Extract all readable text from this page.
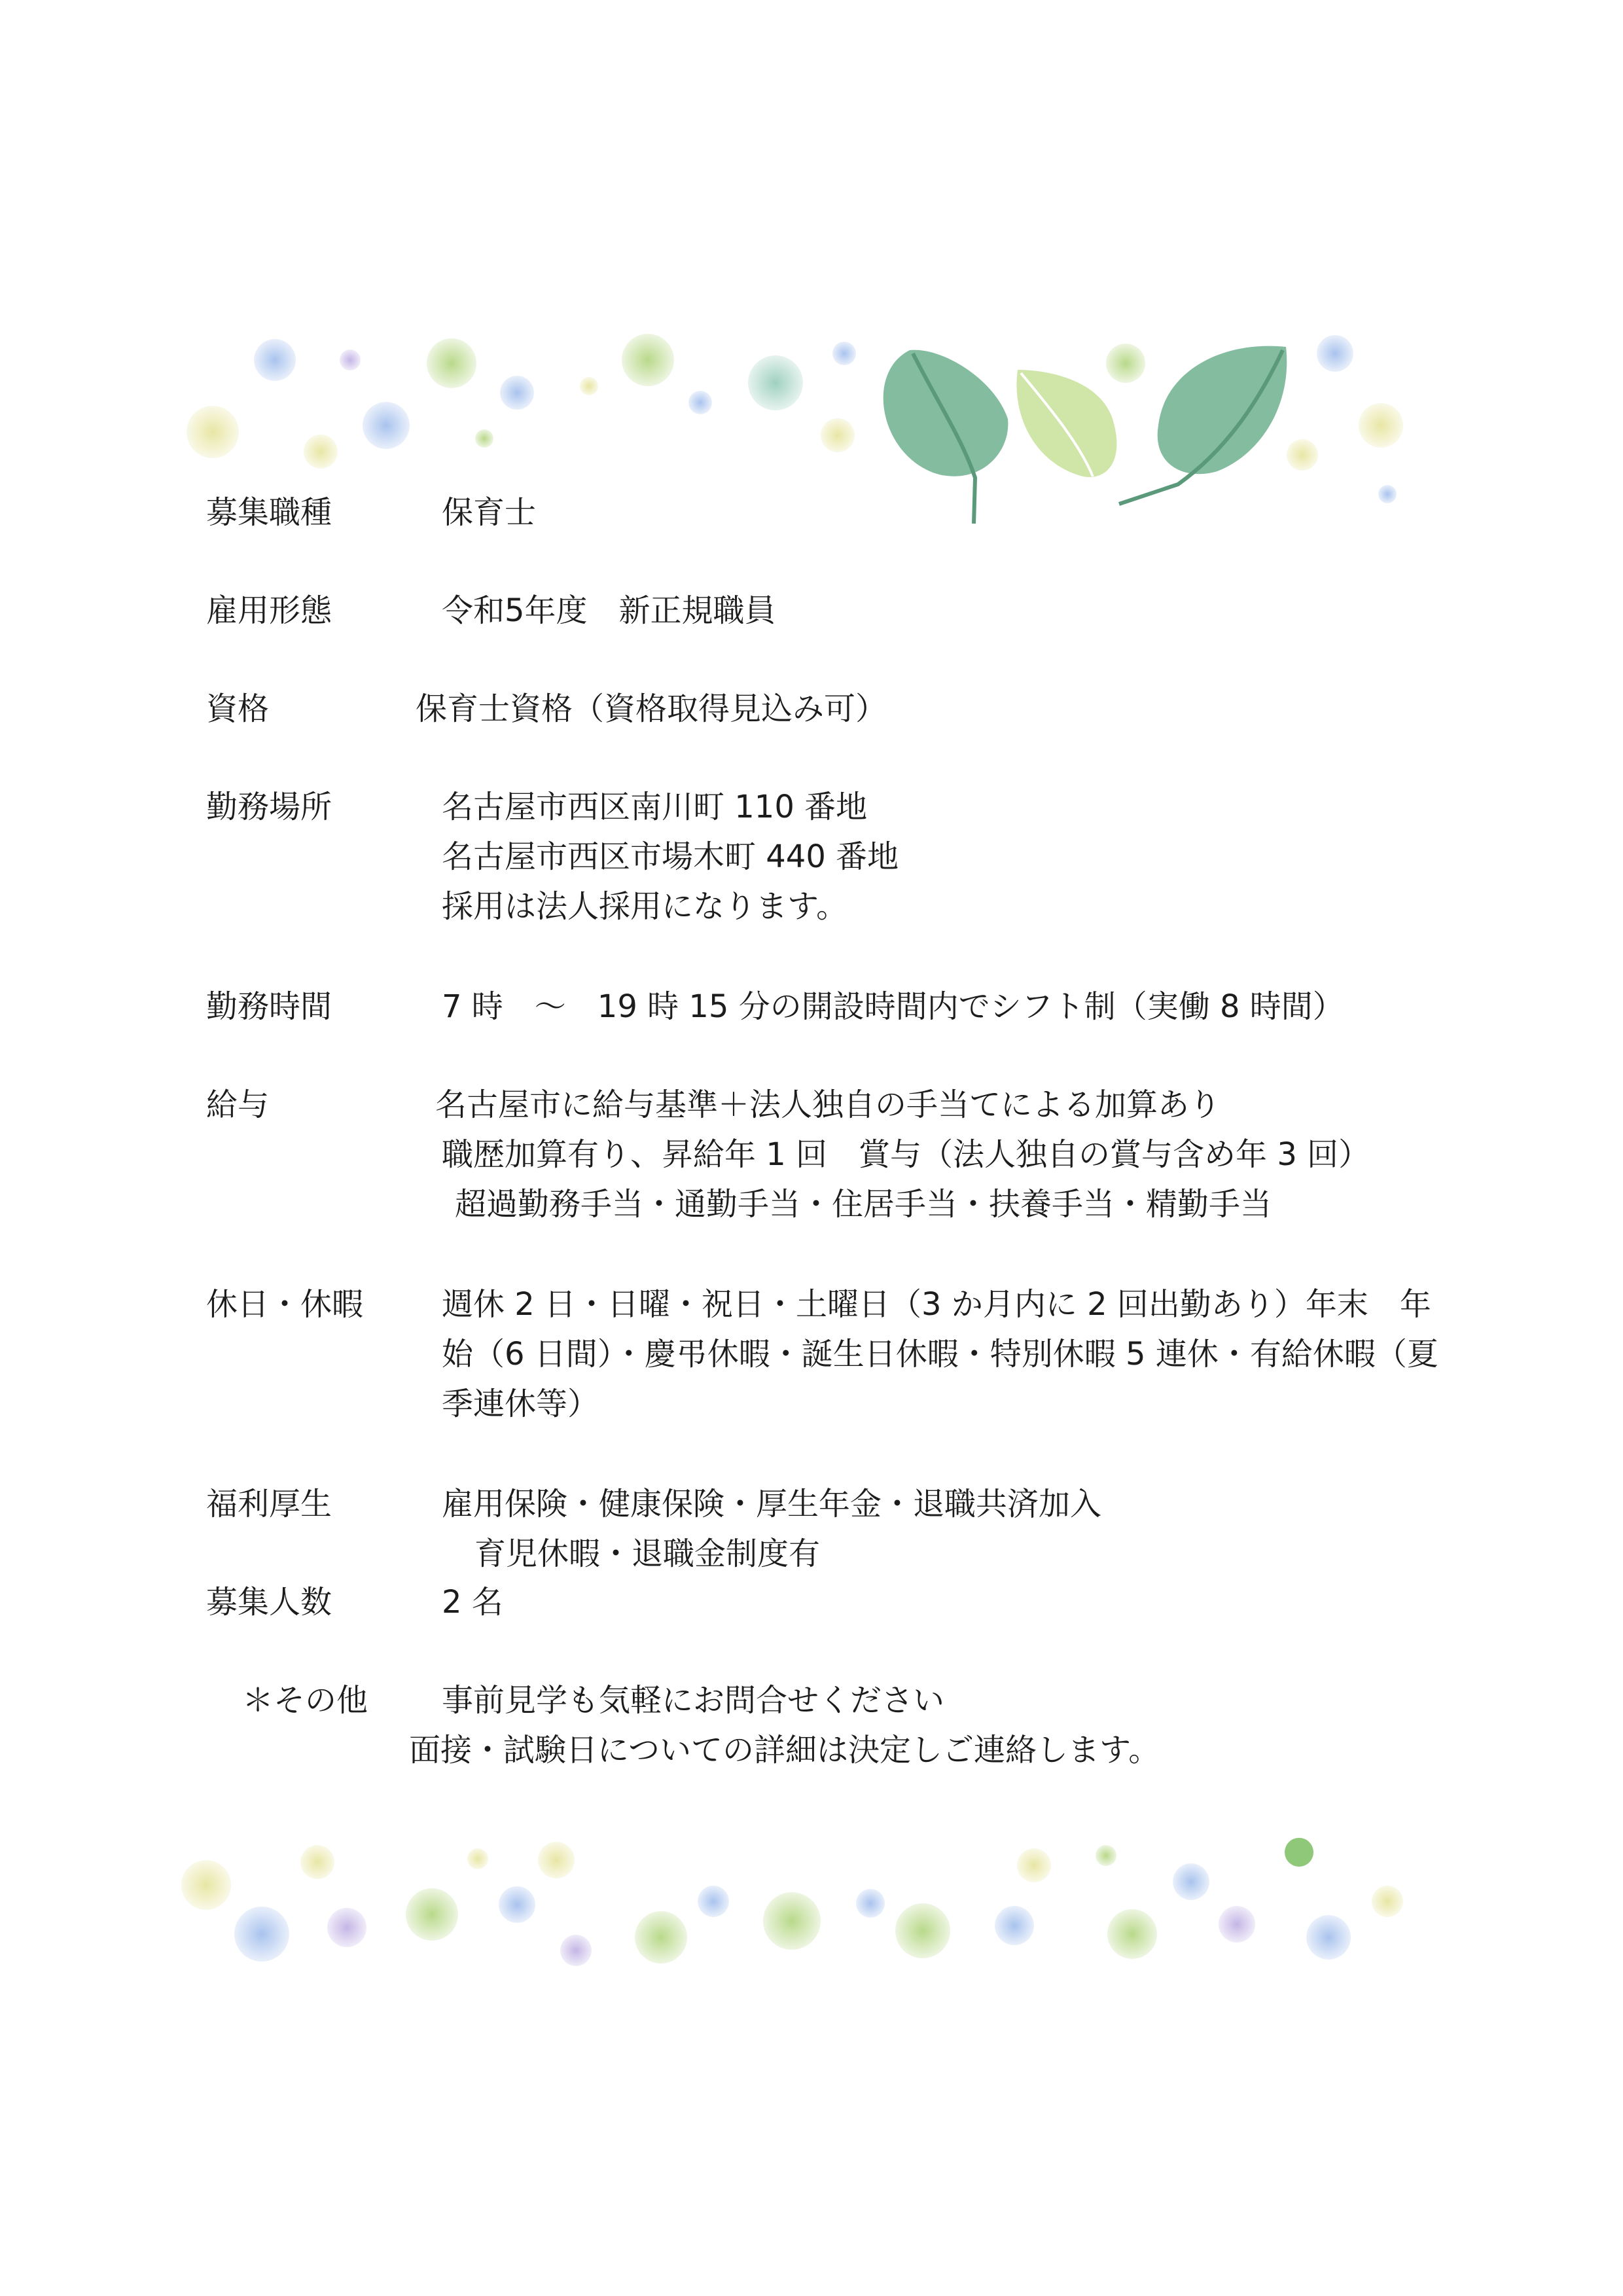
募集職種	保育士
雇用形態	令和5年度　新正規職員
資格	保育士資格（資格取得見込み可）
勤務場所	名古屋市西区南川町 110 番地
名古屋市西区市場木町 440 番地
採用は法人採用になります。
勤務時間	7 時　～　19 時 15 分の開設時間内でシフト制（実働 8 時間）
給与	名古屋市に給与基準＋法人独自の手当てによる加算あり
職歴加算有り、昇給年 1 回　賞与（法人独自の賞与含め年 3 回）
超過勤務手当・通勤手当・住居手当・扶養手当・精勤手当
休日・休暇 週休 2 日・日曜・祝日・土曜日（3 か月内に 2 回出勤あり）年末　年
始（6 日間）・慶弔休暇・誕生日休暇・特別休暇 5 連休・有給休暇（夏
季連休等）
福利厚生	雇用保険・健康保険・厚生年金・退職共済加入
育児休暇・退職金制度有
募集人数	2 名
＊その他 事前見学も気軽にお問合せください
面接・試験日についての詳細は決定しご連絡します。
